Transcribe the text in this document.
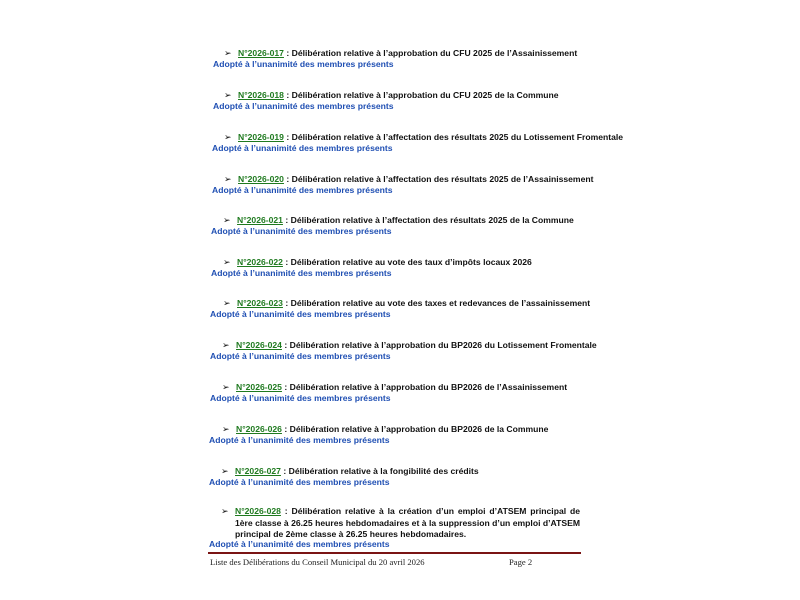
➢ N°2026-017 : Délibération relative à l’approbation du CFU 2025 de l’Assainissement
Adopté à l’unanimité des membres présents
➢ N°2026-018 : Délibération relative à l’approbation du CFU 2025 de la Commune
Adopté à l’unanimité des membres présents
➢ N°2026-019 : Délibération relative à l’affectation des résultats 2025 du Lotissement Fromentale
Adopté à l’unanimité des membres présents
➢ N°2026-020 : Délibération relative à l’affectation des résultats 2025 de l’Assainissement
Adopté à l’unanimité des membres présents
➢ N°2026-021 : Délibération relative à l’affectation des résultats 2025 de la Commune
Adopté à l’unanimité des membres présents
➢ N°2026-022 : Délibération relative au vote des taux d’impôts locaux 2026
Adopté à l’unanimité des membres présents
➢ N°2026-023 : Délibération relative au vote des taxes et redevances de l’assainissement
Adopté à l’unanimité des membres présents
➢ N°2026-024 : Délibération relative à l’approbation du BP2026 du Lotissement Fromentale
Adopté à l’unanimité des membres présents
➢ N°2026-025 : Délibération relative à l’approbation du BP2026 de l’Assainissement
Adopté à l’unanimité des membres présents
➢ N°2026-026 : Délibération relative à l’approbation du BP2026 de la Commune
Adopté à l’unanimité des membres présents
➢ N°2026-027 : Délibération relative à la fongibilité des crédits
Adopté à l’unanimité des membres présents
➢ N°2026-028 : Délibération relative à la création d’un emploi d’ATSEM principal de 1ère classe à 26.25 heures hebdomadaires et à la suppression d’un emploi d’ATSEM principal de 2ème classe à 26.25 heures hebdomadaires.
Adopté à l’unanimité des membres présents
Liste des Délibérations du Conseil Municipal du 20 avril 2026	Page 2
